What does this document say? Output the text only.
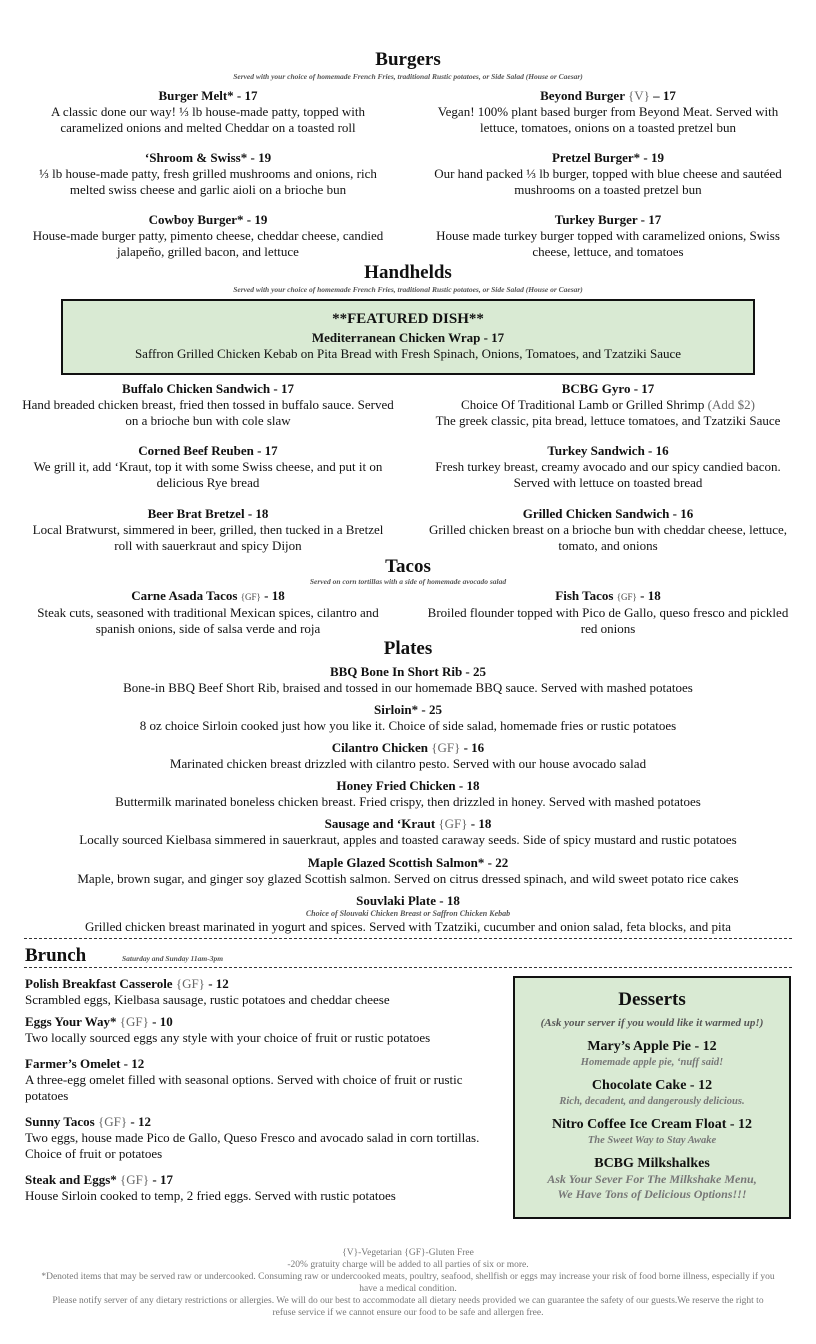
Burgers
Served with your choice of homemade French Fries, traditional Rustic potatoes, or Side Salad (House or Caesar)
Burger Melt* - 17
A classic done our way! ⅓ lb house-made patty, topped with caramelized onions and melted Cheddar on a toasted roll
Beyond Burger {V} – 17
Vegan! 100% plant based burger from Beyond Meat. Served with lettuce, tomatoes, onions on a toasted pretzel bun
‘Shroom & Swiss* - 19
⅓ lb house-made patty, fresh grilled mushrooms and onions, rich melted swiss cheese and garlic aioli on a brioche bun
Pretzel Burger* - 19
Our hand packed ⅓ lb burger, topped with blue cheese and sautéed mushrooms on a toasted pretzel bun
Cowboy Burger* - 19
House-made burger patty, pimento cheese, cheddar cheese, candied jalapeño, grilled bacon, and lettuce
Turkey Burger - 17
House made turkey burger topped with caramelized onions, Swiss cheese, lettuce, and tomatoes
Handhelds
Served with your choice of homemade French Fries, traditional Rustic potatoes, or Side Salad (House or Caesar)
**FEATURED DISH**
Mediterranean Chicken Wrap - 17
Saffron Grilled Chicken Kebab on Pita Bread with Fresh Spinach, Onions, Tomatoes, and Tzatziki Sauce
Buffalo Chicken Sandwich - 17
Hand breaded chicken breast, fried then tossed in buffalo sauce. Served on a brioche bun with cole slaw
BCBG Gyro - 17
Choice Of Traditional Lamb or Grilled Shrimp (Add $2)
The greek classic, pita bread, lettuce tomatoes, and Tzatziki Sauce
Corned Beef Reuben - 17
We grill it, add ‘Kraut, top it with some Swiss cheese, and put it on delicious Rye bread
Turkey Sandwich - 16
Fresh turkey breast, creamy avocado and our spicy candied bacon. Served with lettuce on toasted bread
Beer Brat Bretzel - 18
Local Bratwurst, simmered in beer, grilled, then tucked in a Bretzel roll with sauerkraut and spicy Dijon
Grilled Chicken Sandwich - 16
Grilled chicken breast on a brioche bun with cheddar cheese, lettuce, tomato, and onions
Tacos
Served on corn tortillas with a side of homemade avocado salad
Carne Asada Tacos {GF} - 18
Steak cuts, seasoned with traditional Mexican spices, cilantro and spanish onions, side of salsa verde and roja
Fish Tacos {GF} - 18
Broiled flounder topped with Pico de Gallo, queso fresco and pickled red onions
Plates
BBQ Bone In Short Rib - 25
Bone-in BBQ Beef Short Rib, braised and tossed in our homemade BBQ sauce. Served with mashed potatoes
Sirloin* - 25
8 oz choice Sirloin cooked just how you like it. Choice of side salad, homemade fries or rustic potatoes
Cilantro Chicken {GF} - 16
Marinated chicken breast drizzled with cilantro pesto. Served with our house avocado salad
Honey Fried Chicken - 18
Buttermilk marinated boneless chicken breast. Fried crispy, then drizzled in honey. Served with mashed potatoes
Sausage and ‘Kraut {GF} - 18
Locally sourced Kielbasa simmered in sauerkraut, apples and toasted caraway seeds. Side of spicy mustard and rustic potatoes
Maple Glazed Scottish Salmon* - 22
Maple, brown sugar, and ginger soy glazed Scottish salmon. Served on citrus dressed spinach, and wild sweet potato rice cakes
Souvlaki Plate - 18
Choice of Slouvaki Chicken Breast or Saffron Chicken Kebab
Grilled chicken breast marinated in yogurt and spices. Served with Tzatziki, cucumber and onion salad, feta blocks, and pita
Brunch	Saturday and Sunday 11am-3pm
Polish Breakfast Casserole {GF} - 12
Scrambled eggs, Kielbasa sausage, rustic potatoes and cheddar cheese
Eggs Your Way* {GF} - 10
Two locally sourced eggs any style with your choice of fruit or rustic potatoes
Farmer’s Omelet - 12
A three-egg omelet filled with seasonal options. Served with choice of fruit or rustic potatoes
Sunny Tacos {GF} - 12
Two eggs, house made Pico de Gallo, Queso Fresco and avocado salad in corn tortillas. Choice of fruit or potatoes
Steak and Eggs* {GF} - 17
House Sirloin cooked to temp, 2 fried eggs. Served with rustic potatoes
Desserts
(Ask your server if you would like it warmed up!)
Mary’s Apple Pie - 12
Homemade apple pie, ‘nuff said!
Chocolate Cake - 12
Rich, decadent, and dangerously delicious.
Nitro Coffee Ice Cream Float - 12
The Sweet Way to Stay Awake
BCBG Milkshalkes
Ask Your Sever For The Milkshake Menu,
We Have Tons of Delicious Options!!!
{V}-Vegetarian {GF}-Gluten Free
-20% gratuity charge will be added to all parties of six or more.
*Denoted items that may be served raw or undercooked. Consuming raw or undercooked meats, poultry, seafood, shellfish or eggs may increase your risk of food borne illness, especially if you have a medical condition.
Please notify server of any dietary restrictions or allergies. We will do our best to accommodate all dietary needs provided we can guarantee the safety of our guests.We reserve the right to refuse service if we cannot ensure our food to be safe and allergen free.
